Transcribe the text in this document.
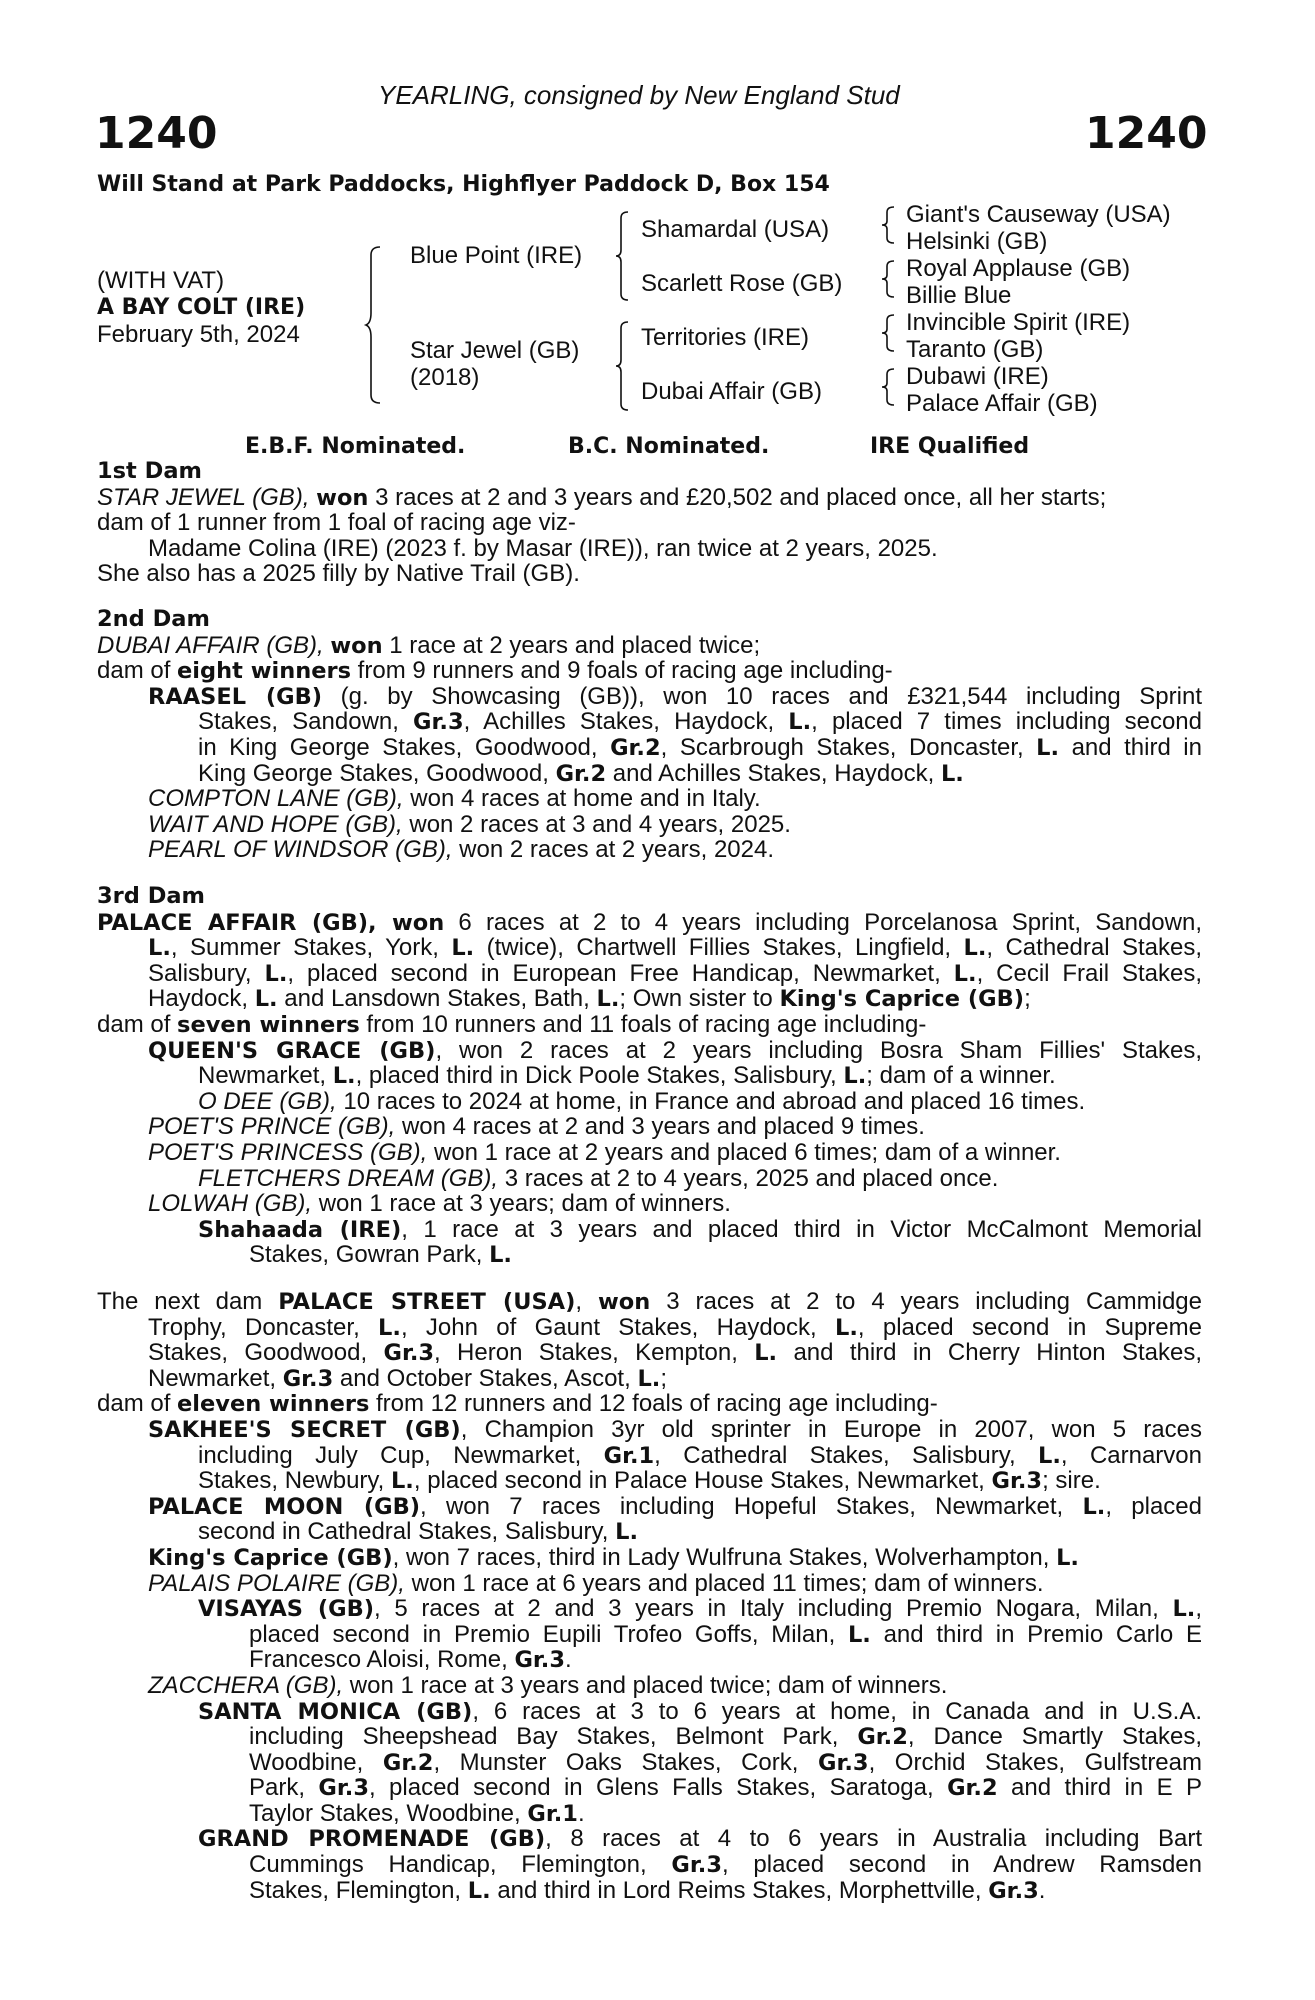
YEARLING, consigned by New England Stud
1240	1240
Will Stand at Park Paddocks, Highflyer Paddock D, Box 154
(WITH VAT)
A BAY COLT (IRE)
February 5th, 2024
Blue Point (IRE)
Star Jewel (GB)
(2018)
Shamardal (USA)
Scarlett Rose (GB)
Territories (IRE)
Dubai Affair (GB)
Giant's Causeway (USA)
Helsinki (GB)
Royal Applause (GB)
Billie Blue
Invincible Spirit (IRE)
Taranto (GB)
Dubawi (IRE)
Palace Affair (GB)
E.B.F. Nominated.	B.C. Nominated.	IRE Qualified
1st Dam
STAR JEWEL (GB), won 3 races at 2 and 3 years and £20,502 and placed once, all her starts;
dam of 1 runner from 1 foal of racing age viz-
Madame Colina (IRE) (2023 f. by Masar (IRE)), ran twice at 2 years, 2025.
She also has a 2025 filly by Native Trail (GB).
2nd Dam
DUBAI AFFAIR (GB), won 1 race at 2 years and placed twice;
dam of eight winners from 9 runners and 9 foals of racing age including-
RAASEL (GB) (g. by Showcasing (GB)), won 10 races and £321,544 including Sprint
Stakes, Sandown, Gr.3, Achilles Stakes, Haydock, L., placed 7 times including second
in King George Stakes, Goodwood, Gr.2, Scarbrough Stakes, Doncaster, L. and third in
King George Stakes, Goodwood, Gr.2 and Achilles Stakes, Haydock, L.
COMPTON LANE (GB), won 4 races at home and in Italy.
WAIT AND HOPE (GB), won 2 races at 3 and 4 years, 2025.
PEARL OF WINDSOR (GB), won 2 races at 2 years, 2024.
3rd Dam
PALACE AFFAIR (GB), won 6 races at 2 to 4 years including Porcelanosa Sprint, Sandown,
L., Summer Stakes, York, L. (twice), Chartwell Fillies Stakes, Lingfield, L., Cathedral Stakes,
Salisbury, L., placed second in European Free Handicap, Newmarket, L., Cecil Frail Stakes,
Haydock, L. and Lansdown Stakes, Bath, L.; Own sister to King's Caprice (GB);
dam of seven winners from 10 runners and 11 foals of racing age including-
QUEEN'S GRACE (GB), won 2 races at 2 years including Bosra Sham Fillies' Stakes,
Newmarket, L., placed third in Dick Poole Stakes, Salisbury, L.; dam of a winner.
O DEE (GB), 10 races to 2024 at home, in France and abroad and placed 16 times.
POET'S PRINCE (GB), won 4 races at 2 and 3 years and placed 9 times.
POET'S PRINCESS (GB), won 1 race at 2 years and placed 6 times; dam of a winner.
FLETCHERS DREAM (GB), 3 races at 2 to 4 years, 2025 and placed once.
LOLWAH (GB), won 1 race at 3 years; dam of winners.
Shahaada (IRE), 1 race at 3 years and placed third in Victor McCalmont Memorial
Stakes, Gowran Park, L.
The next dam PALACE STREET (USA), won 3 races at 2 to 4 years including Cammidge
Trophy, Doncaster, L., John of Gaunt Stakes, Haydock, L., placed second in Supreme
Stakes, Goodwood, Gr.3, Heron Stakes, Kempton, L. and third in Cherry Hinton Stakes,
Newmarket, Gr.3 and October Stakes, Ascot, L.;
dam of eleven winners from 12 runners and 12 foals of racing age including-
SAKHEE'S SECRET (GB), Champion 3yr old sprinter in Europe in 2007, won 5 races
including July Cup, Newmarket, Gr.1, Cathedral Stakes, Salisbury, L., Carnarvon
Stakes, Newbury, L., placed second in Palace House Stakes, Newmarket, Gr.3; sire.
PALACE MOON (GB), won 7 races including Hopeful Stakes, Newmarket, L., placed
second in Cathedral Stakes, Salisbury, L.
King's Caprice (GB), won 7 races, third in Lady Wulfruna Stakes, Wolverhampton, L.
PALAIS POLAIRE (GB), won 1 race at 6 years and placed 11 times; dam of winners.
VISAYAS (GB), 5 races at 2 and 3 years in Italy including Premio Nogara, Milan, L.,
placed second in Premio Eupili Trofeo Goffs, Milan, L. and third in Premio Carlo E
Francesco Aloisi, Rome, Gr.3.
ZACCHERA (GB), won 1 race at 3 years and placed twice; dam of winners.
SANTA MONICA (GB), 6 races at 3 to 6 years at home, in Canada and in U.S.A.
including Sheepshead Bay Stakes, Belmont Park, Gr.2, Dance Smartly Stakes,
Woodbine, Gr.2, Munster Oaks Stakes, Cork, Gr.3, Orchid Stakes, Gulfstream
Park, Gr.3, placed second in Glens Falls Stakes, Saratoga, Gr.2 and third in E P
Taylor Stakes, Woodbine, Gr.1.
GRAND PROMENADE (GB), 8 races at 4 to 6 years in Australia including Bart
Cummings Handicap, Flemington, Gr.3, placed second in Andrew Ramsden
Stakes, Flemington, L. and third in Lord Reims Stakes, Morphettville, Gr.3.
